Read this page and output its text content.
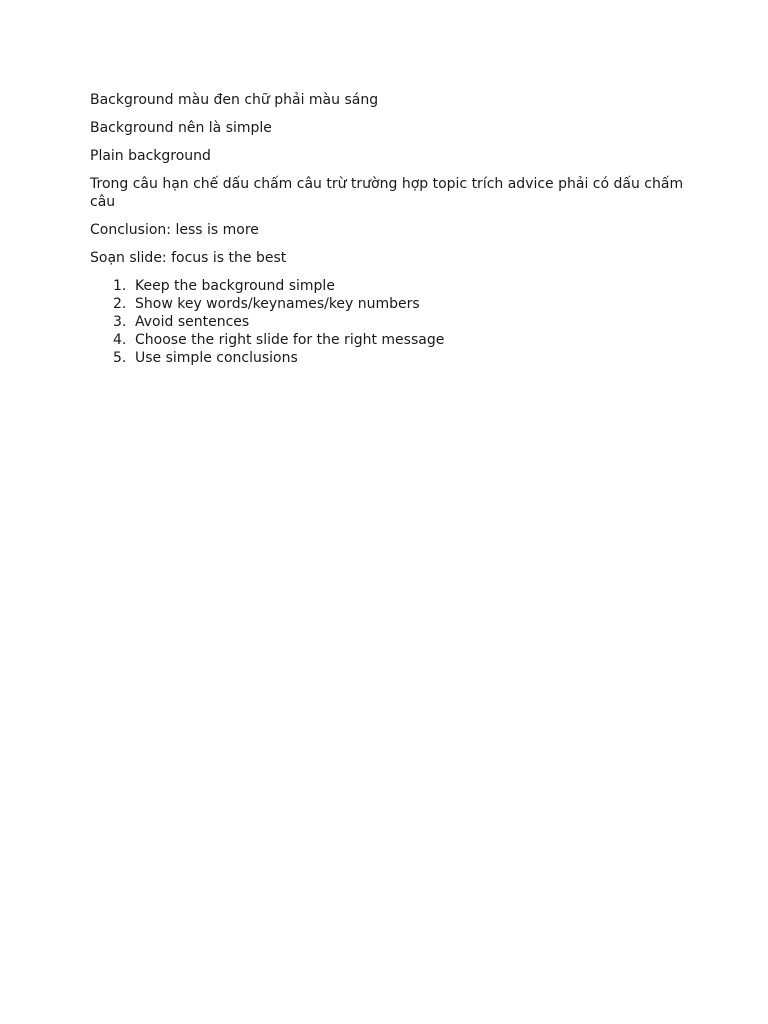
Background màu đen chữ phải màu sáng

Background nên là simple

Plain background

Trong câu hạn chế dấu chấm câu trừ trường hợp topic trích advice phải có dấu chấm câu

Conclusion: less is more

Soạn slide: focus is the best

1. Keep the background simple
2. Show key words/keynames/key numbers
3. Avoid sentences
4. Choose the right slide for the right message
5. Use simple conclusions
